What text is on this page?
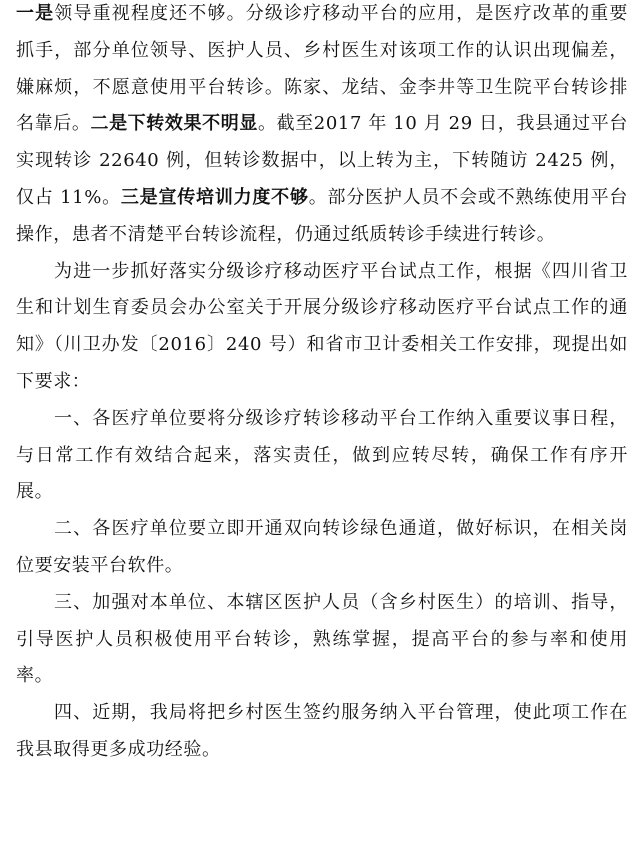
一是领导重视程度还不够。分级诊疗移动平台的应用，是医疗改革的重要抓手，部分单位领导、医护人员、乡村医生对该项工作的认识出现偏差，嫌麻烦，不愿意使用平台转诊。陈家、龙结、金李井等卫生院平台转诊排名靠后。二是下转效果不明显。截至2017 年 10 月 29 日，我县通过平台实现转诊 22640 例，但转诊数据中，以上转为主，下转随访 2425 例，仅占 11%。三是宣传培训力度不够。部分医护人员不会或不熟练使用平台操作，患者不清楚平台转诊流程，仍通过纸质转诊手续进行转诊。

为进一步抓好落实分级诊疗移动医疗平台试点工作，根据《四川省卫生和计划生育委员会办公室关于开展分级诊疗移动医疗平台试点工作的通知》（川卫办发〔2016〕240 号）和省市卫计委相关工作安排，现提出如下要求：

一、各医疗单位要将分级诊疗转诊移动平台工作纳入重要议事日程，与日常工作有效结合起来，落实责任，做到应转尽转，确保工作有序开展。

二、各医疗单位要立即开通双向转诊绿色通道，做好标识，在相关岗位要安装平台软件。

三、加强对本单位、本辖区医护人员（含乡村医生）的培训、指导，引导医护人员积极使用平台转诊，熟练掌握，提高平台的参与率和使用率。

四、近期，我局将把乡村医生签约服务纳入平台管理，使此项工作在我县取得更多成功经验。
